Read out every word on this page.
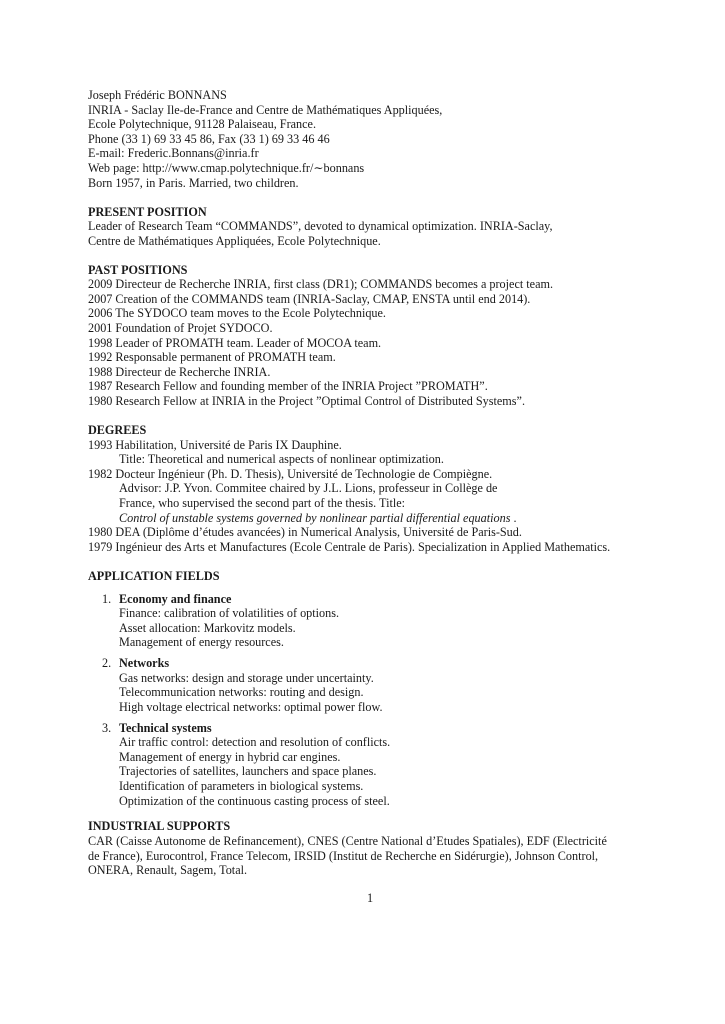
Joseph Frédéric BONNANS
INRIA - Saclay Ile-de-France and Centre de Mathématiques Appliquées,
Ecole Polytechnique, 91128 Palaiseau, France.
Phone (33 1) 69 33 45 86, Fax (33 1) 69 33 46 46
E-mail: Frederic.Bonnans@inria.fr
Web page: http://www.cmap.polytechnique.fr/∼bonnans
Born 1957, in Paris. Married, two children.
PRESENT POSITION
Leader of Research Team “COMMANDS”, devoted to dynamical optimization. INRIA-Saclay,
Centre de Mathématiques Appliquées, Ecole Polytechnique.
PAST POSITIONS
2009 Directeur de Recherche INRIA, first class (DR1); COMMANDS becomes a project team.
2007 Creation of the COMMANDS team (INRIA-Saclay, CMAP, ENSTA until end 2014).
2006 The SYDOCO team moves to the Ecole Polytechnique.
2001 Foundation of Projet SYDOCO.
1998 Leader of PROMATH team. Leader of MOCOA team.
1992 Responsable permanent of PROMATH team.
1988 Directeur de Recherche INRIA.
1987 Research Fellow and founding member of the INRIA Project ”PROMATH”.
1980 Research Fellow at INRIA in the Project ”Optimal Control of Distributed Systems”.
DEGREES
1993 Habilitation, Université de Paris IX Dauphine.
Title: Theoretical and numerical aspects of nonlinear optimization.
1982 Docteur Ingénieur (Ph. D. Thesis), Université de Technologie de Compiègne.
Advisor: J.P. Yvon. Commitee chaired by J.L. Lions, professeur in Collège de
France, who supervised the second part of the thesis. Title:
Control of unstable systems governed by nonlinear partial differential equations .
1980 DEA (Diplôme d’études avancées) in Numerical Analysis, Université de Paris-Sud.
1979 Ingénieur des Arts et Manufactures (Ecole Centrale de Paris). Specialization in Applied Mathematics.
APPLICATION FIELDS
1. Economy and finance
Finance: calibration of volatilities of options.
Asset allocation: Markovitz models.
Management of energy resources.
2. Networks
Gas networks: design and storage under uncertainty.
Telecommunication networks: routing and design.
High voltage electrical networks: optimal power flow.
3. Technical systems
Air traffic control: detection and resolution of conflicts.
Management of energy in hybrid car engines.
Trajectories of satellites, launchers and space planes.
Identification of parameters in biological systems.
Optimization of the continuous casting process of steel.
INDUSTRIAL SUPPORTS
CAR (Caisse Autonome de Refinancement), CNES (Centre National d’Etudes Spatiales), EDF (Electricité
de France), Eurocontrol, France Telecom, IRSID (Institut de Recherche en Sidérurgie), Johnson Control,
ONERA, Renault, Sagem, Total.
1
